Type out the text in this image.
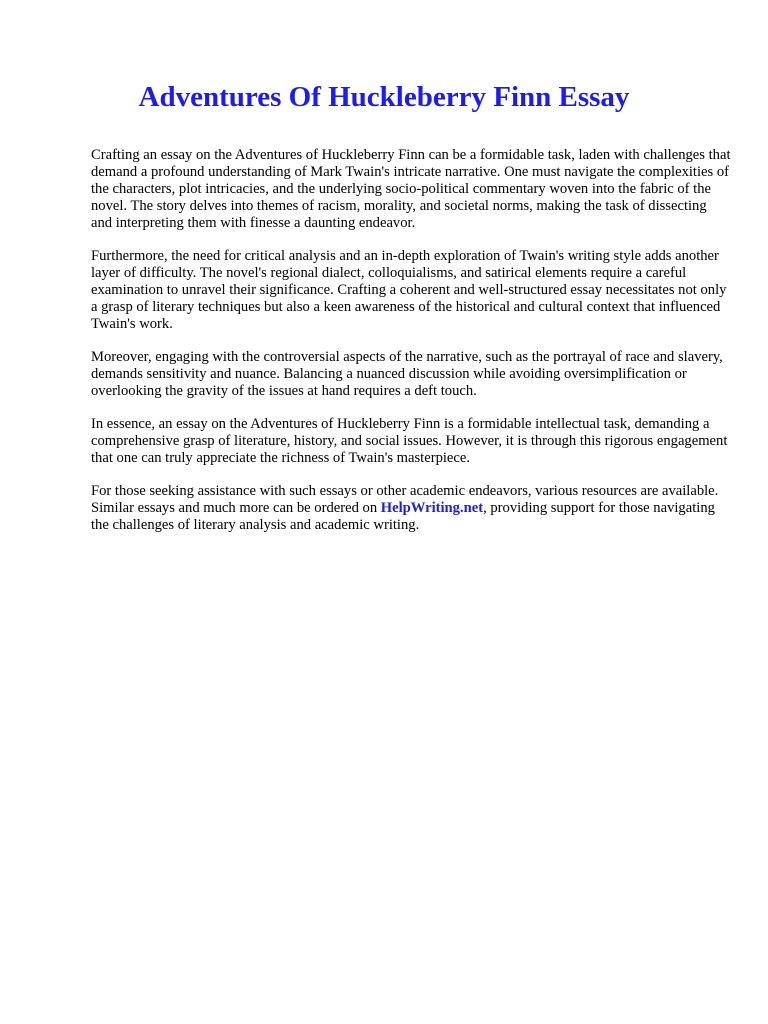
Adventures Of Huckleberry Finn Essay

Crafting an essay on the Adventures of Huckleberry Finn can be a formidable task, laden with challenges that demand a profound understanding of Mark Twain's intricate narrative. One must navigate the complexities of the characters, plot intricacies, and the underlying socio-political commentary woven into the fabric of the novel. The story delves into themes of racism, morality, and societal norms, making the task of dissecting and interpreting them with finesse a daunting endeavor.

Furthermore, the need for critical analysis and an in-depth exploration of Twain's writing style adds another layer of difficulty. The novel's regional dialect, colloquialisms, and satirical elements require a careful examination to unravel their significance. Crafting a coherent and well-structured essay necessitates not only a grasp of literary techniques but also a keen awareness of the historical and cultural context that influenced Twain's work.

Moreover, engaging with the controversial aspects of the narrative, such as the portrayal of race and slavery, demands sensitivity and nuance. Balancing a nuanced discussion while avoiding oversimplification or overlooking the gravity of the issues at hand requires a deft touch.

In essence, an essay on the Adventures of Huckleberry Finn is a formidable intellectual task, demanding a comprehensive grasp of literature, history, and social issues. However, it is through this rigorous engagement that one can truly appreciate the richness of Twain's masterpiece.

For those seeking assistance with such essays or other academic endeavors, various resources are available. Similar essays and much more can be ordered on HelpWriting.net, providing support for those navigating the challenges of literary analysis and academic writing.
